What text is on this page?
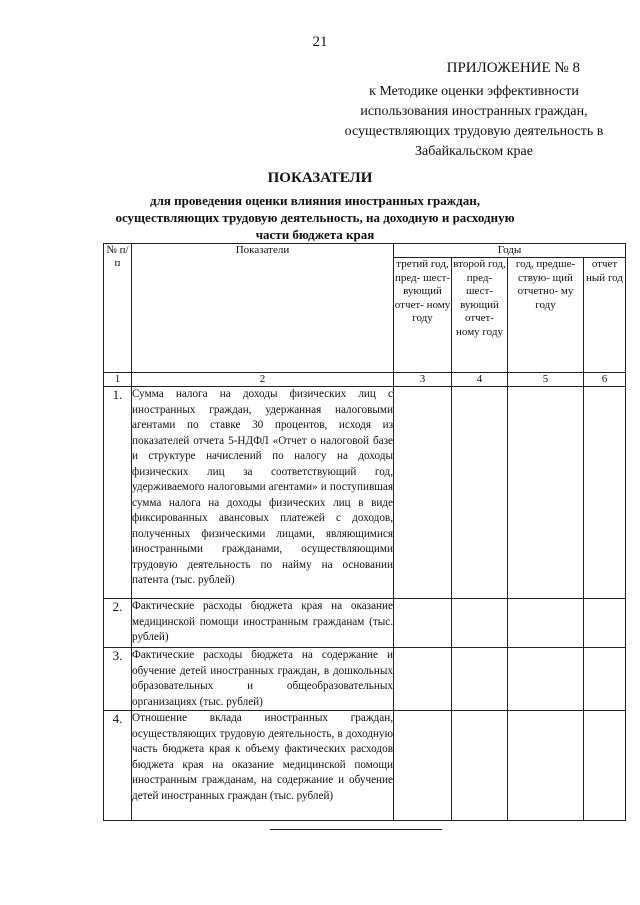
21
ПРИЛОЖЕНИЕ № 8
к Методике оценки эффективности использования иностранных граждан, осуществляющих трудовую деятельность в Забайкальском крае
ПОКАЗАТЕЛИ
для проведения оценки влияния иностранных граждан, осуществляющих трудовую деятельность, на доходную и расходную части бюджета края
№ п/п	Показатели	Годы			
		третий год, пред- шест- вующий отчет- ному году	второй год, пред- шест- вующий отчет- ному году	год, предше- ствую- щий отчетно- му году	отчет ный год
1	2	3	4	5	6
1.	Сумма налога на доходы физических лиц с иностранных граждан, удержанная налоговыми агентами по ставке 30 процентов, исходя из показателей отчета 5-НДФЛ «Отчет о налоговой базе и структуре начислений по налогу на доходы физических лиц за соответствующий год, удерживаемого налоговыми агентами» и поступившая сумма налога на доходы физических лиц в виде фиксированных авансовых платежей с доходов, полученных физическими лицами, являющимися иностранными гражданами, осуществляющими трудовую деятельность по найму на основании патента (тыс. рублей)				
2.	Фактические расходы бюджета края на оказание медицинской помощи иностранным гражданам (тыс. рублей)				
3.	Фактические расходы бюджета на содержание и обучение детей иностранных граждан, в дошкольных образовательных и общеобразовательных организациях (тыс. рублей)				
4.	Отношение вклада иностранных граждан, осуществляющих трудовую деятельность, в доходную часть бюджета края к объему фактических расходов бюджета края на оказание медицинской помощи иностранным гражданам, на содержание и обучение детей иностранных граждан (тыс. рублей)				
